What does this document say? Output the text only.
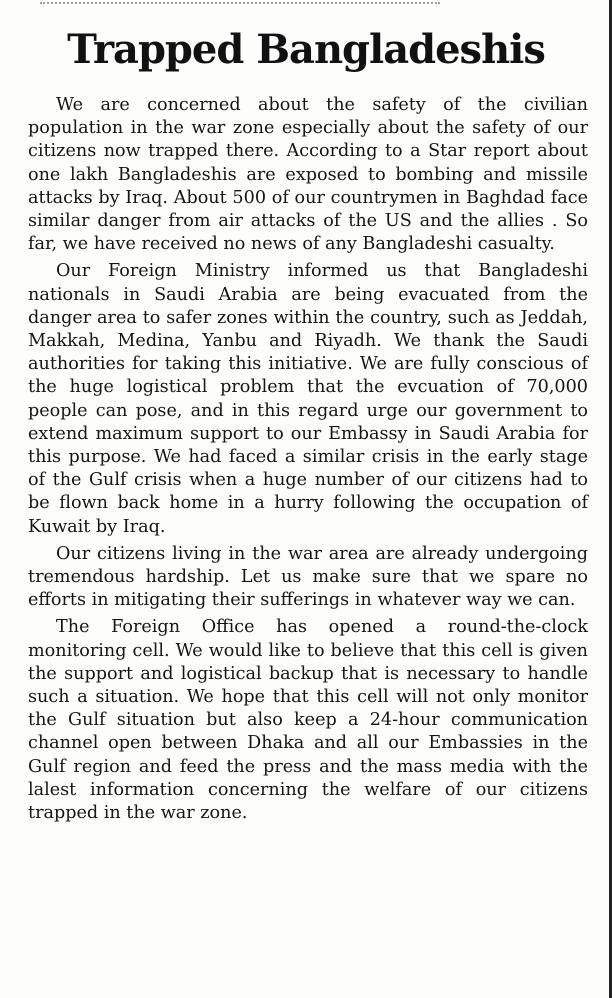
Trapped Bangladeshis

We are concerned about the safety of the civilian population in the war zone especially about the safety of our citizens now trapped there. According to a Star report about one lakh Bangladeshis are exposed to bombing and missile attacks by Iraq. About 500 of our countrymen in Baghdad face similar danger from air attacks of the US and the allies . So far, we have received no news of any Bangladeshi casualty.

Our Foreign Ministry informed us that Bangladeshi nationals in Saudi Arabia are being evacuated from the danger area to safer zones within the country, such as Jeddah, Makkah, Medina, Yanbu and Riyadh. We thank the Saudi authorities for taking this initiative. We are fully conscious of the huge logistical problem that the evcuation of 70,000 people can pose, and in this regard urge our government to extend maximum support to our Embassy in Saudi Arabia for this purpose. We had faced a similar crisis in the early stage of the Gulf crisis when a huge number of our citizens had to be flown back home in a hurry following the occupation of Kuwait by Iraq.

Our citizens living in the war area are already undergoing tremendous hardship. Let us make sure that we spare no efforts in mitigating their sufferings in whatever way we can.

The Foreign Office has opened a round-the-clock monitoring cell. We would like to believe that this cell is given the support and logistical backup that is necessary to handle such a situation. We hope that this cell will not only monitor the Gulf situation but also keep a 24-hour communication channel open between Dhaka and all our Embassies in the Gulf region and feed the press and the mass media with the lalest information concerning the welfare of our citizens trapped in the war zone.
